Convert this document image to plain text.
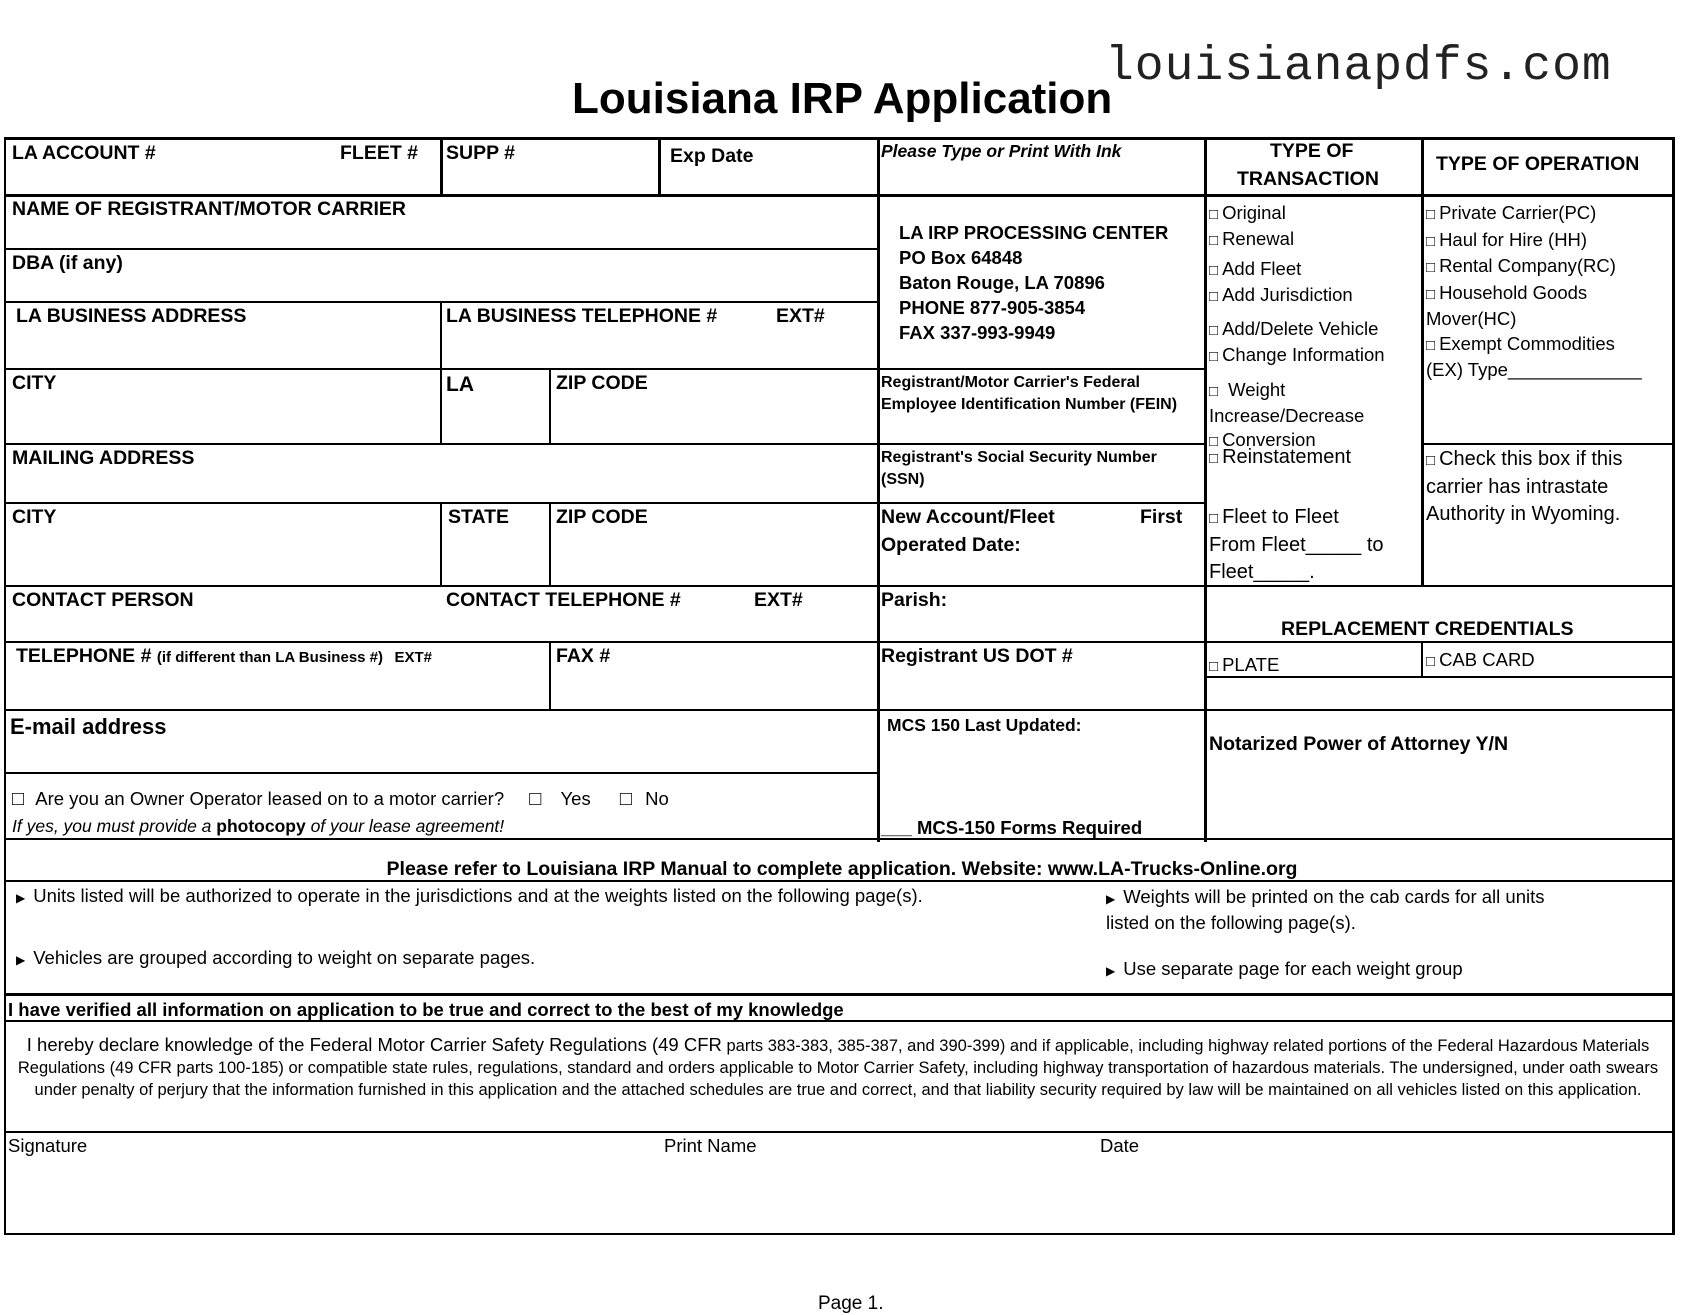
louisianapdfs.com
Louisiana IRP Application
LA ACCOUNT #	FLEET # SUPP #	Exp Date	Please Type or Print With Ink	TYPE OF
TRANSACTION
TYPE OF OPERATION
NAME OF REGISTRANT/MOTOR CARRIER
DBA (if any)
LA BUSINESS ADDRESS	LA BUSINESS TELEPHONE #	EXT#
CITY	LA	ZIP CODE
MAILING ADDRESS
CITY	STATE ZIP CODE
CONTACT PERSON	CONTACT TELEPHONE #	EXT#
TELEPHONE # (if different than LA Business #) EXT#	FAX #
E-mail address
□ Are you an Owner Operator leased on to a motor carrier? □ Yes □ No
If yes, you must provide a photocopy of your lease agreement!
LA IRP PROCESSING CENTER
PO Box 64848
Baton Rouge, LA 70896
PHONE 877-905-3854
FAX 337-993-9949
Registrant/Motor Carrier's Federal
Employee Identification Number (FEIN)
Registrant's Social Security Number
(SSN)
New Account/Fleet	First
Operated Date:
Parish:
Registrant US DOT #
MCS 150 Last Updated:
___ MCS-150 Forms Required
□ Original
□ Renewal
□ Add Fleet
□ Add Jurisdiction
□ Add/Delete Vehicle
□ Change Information
□ Weight
Increase/Decrease
□ Conversion
□ Reinstatement
□ Fleet to Fleet
From Fleet_____ to
Fleet_____.
□ Private Carrier(PC)
□ Haul for Hire (HH)
□ Rental Company(RC)
□ Household Goods
Mover(HC)
□ Exempt Commodities
(EX) Type_____________
□ Check this box if this
carrier has intrastate
Authority in Wyoming.
REPLACEMENT CREDENTIALS
□ PLATE	□ CAB CARD
Notarized Power of Attorney Y/N
Please refer to Louisiana IRP Manual to complete application. Website: www.LA-Trucks-Online.org
▶ Units listed will be authorized to operate in the jurisdictions and at the weights listed on the following page(s).	▶ Weights will be printed on the cab cards for all units
listed on the following page(s).
▶ Vehicles are grouped according to weight on separate pages.
▶ Use separate page for each weight group
I have verified all information on application to be true and correct to the best of my knowledge
I hereby declare knowledge of the Federal Motor Carrier Safety Regulations (49 CFR parts 383-383, 385-387, and 390-399) and if applicable, including highway related portions of the Federal Hazardous Materials Regulations (49 CFR parts 100-185) or compatible state rules, regulations, standard and orders applicable to Motor Carrier Safety, including highway transportation of hazardous materials. The undersigned, under oath swears under penalty of perjury that the information furnished in this application and the attached schedules are true and correct, and that liability security required by law will be maintained on all vehicles listed on this application.
Signature	Print Name	Date
Page 1.
